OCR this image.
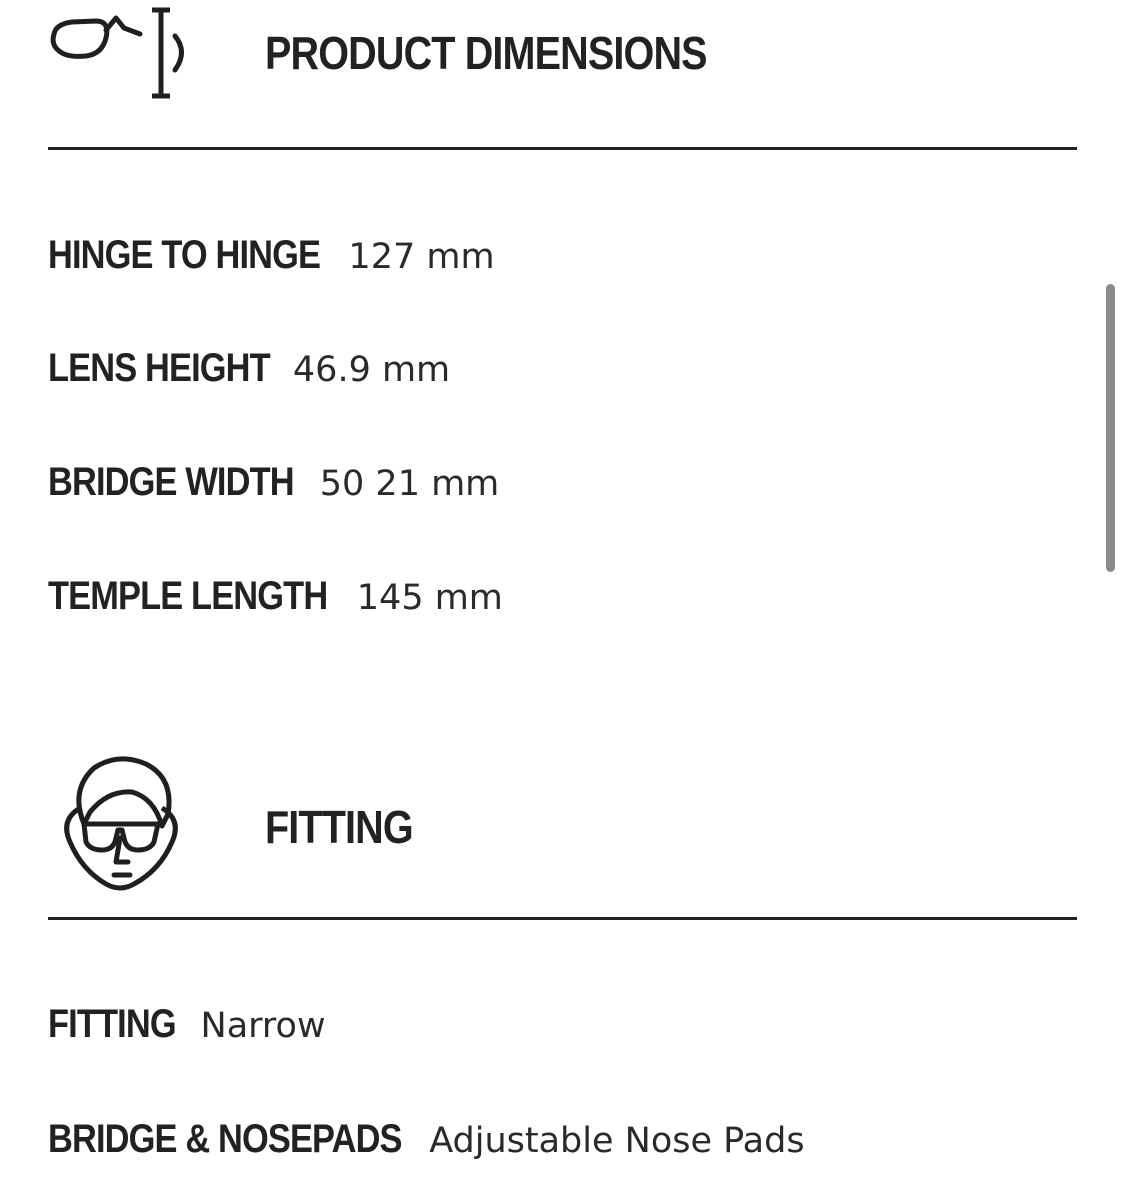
PRODUCT DIMENSIONS
HINGE TO HINGE 127 mm
LENS HEIGHT 46.9 mm
BRIDGE WIDTH 50 21 mm
TEMPLE LENGTH 145 mm
FITTING
FITTING Narrow
BRIDGE & NOSEPADS Adjustable Nose Pads
